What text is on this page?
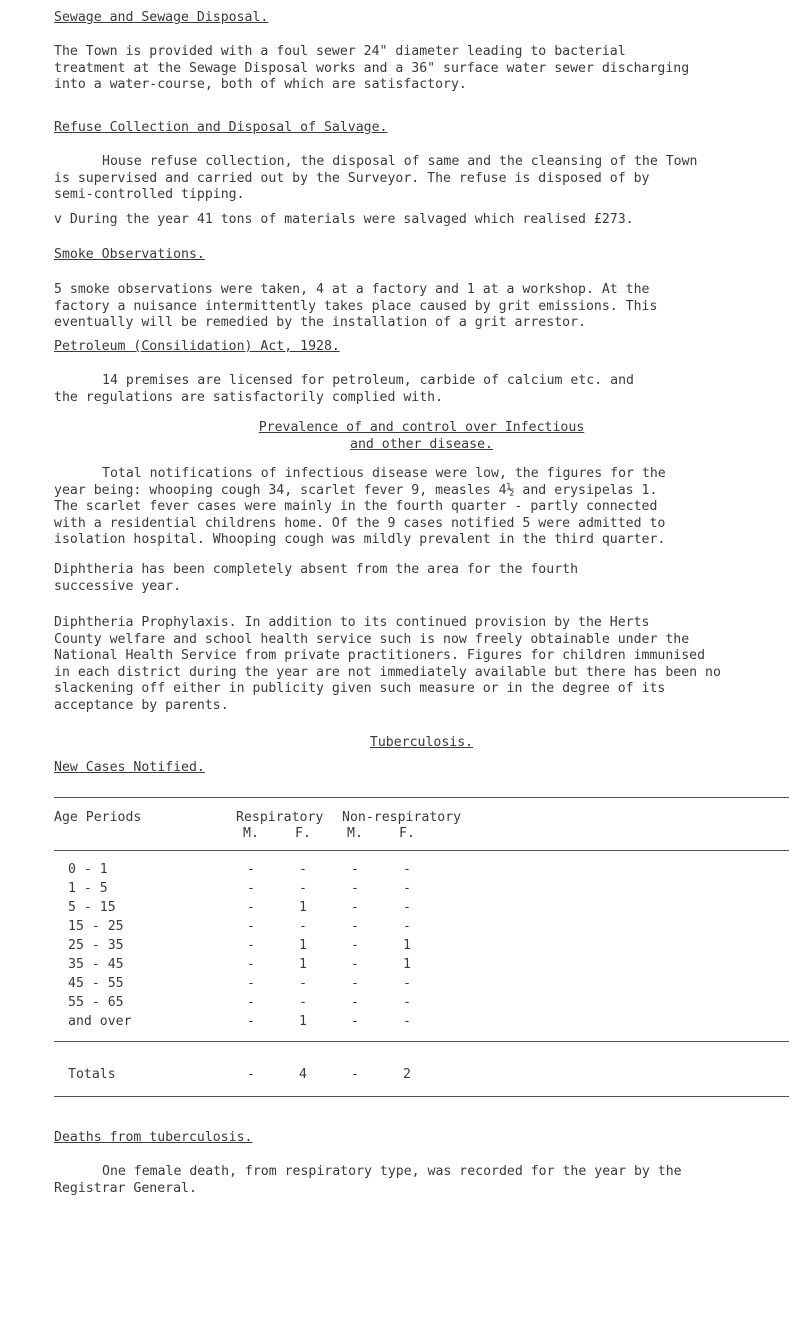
Sewage and Sewage Disposal.

The Town is provided with a foul sewer 24" diameter leading to bacterial

treatment at the Sewage Disposal works and a 36" surface water sewer discharging

into a water-course, both of which are satisfactory.

Refuse Collection and Disposal of Salvage.

House refuse collection, the disposal of same and the cleansing of the Town

is supervised and carried out by the Surveyor. The refuse is disposed of by

semi-controlled tipping.

v During the year 41 tons of materials were salvaged which realised £273.
Smoke Observations.

5 smoke observations were taken, 4 at a factory and 1 at a workshop. At the

factory a nuisance intermittently takes place caused by grit emissions. This

eventually will be remedied by the installation of a grit arrestor.

Petroleum (Consilidation) Act, 1928.

14 premises are licensed for petroleum, carbide of calcium etc. and

the regulations are satisfactorily complied with.

Prevalence of and control over Infectious
and other disease.

Total notifications of infectious disease were low, the figures for the

year being: whooping cough 34, scarlet fever 9, measles 4½ and erysipelas 1.

The scarlet fever cases were mainly in the fourth quarter - partly connected

with a residential childrens home. Of the 9 cases notified 5 were admitted to

isolation hospital. Whooping cough was mildly prevalent in the third quarter.

Diphtheria has been completely absent from the area for the fourth

successive year.

Diphtheria Prophylaxis. In addition to its continued provision by the Herts

County welfare and school health service such is now freely obtainable under the

National Health Service from private practitioners. Figures for children immunised

in each district during the year are not immediately available but there has been no

slackening off either in publicity given such measure or in the degree of its

acceptance by parents.

Tuberculosis.
New Cases Notified.
Age Periods	Respiratory Non-respiratory
M.	F.	M.	F.
0 - 1	-	-	-	-
1 - 5	-	-	-	-
5 - 15	-	1	-	-
15 - 25	-	-	-	-
25 - 35	-	1	-	1
35 - 45	-	1	-	1
45 - 55	-	-	-	-
55 - 65	-	-	-	-
and over	-	1	-	-
Totals	-	4	-	2
Deaths from tuberculosis.

One female death, from respiratory type, was recorded for the year by the

Registrar General.
